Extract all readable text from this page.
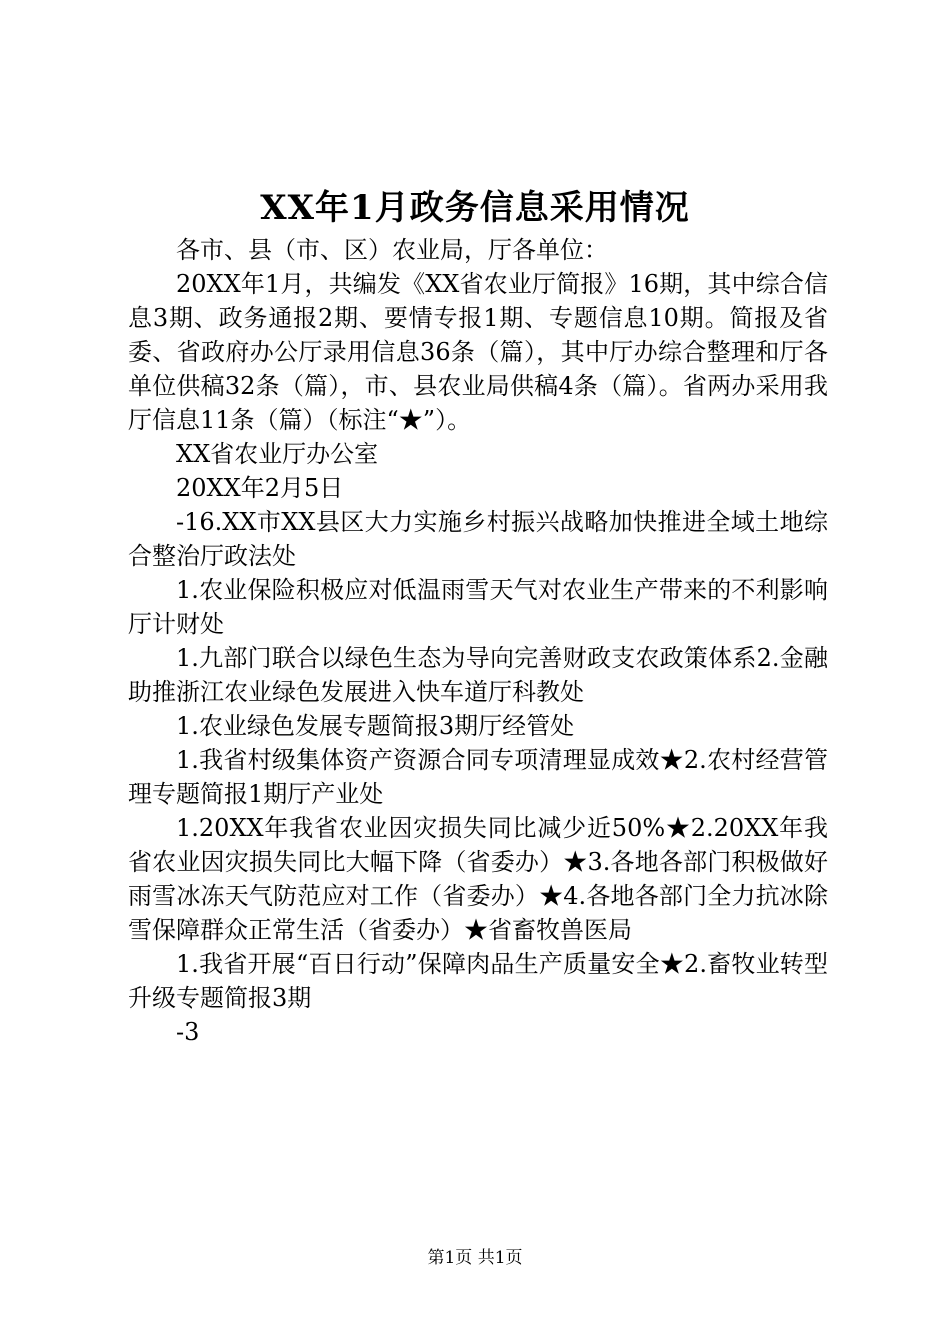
XX年1月政务信息采用情况

各市、县（市、区）农业局，厅各单位：

20XX年1月，共编发《XX省农业厅简报》16期，其中综合信息3期、政务通报2期、要情专报1期、专题信息10期。简报及省委、省政府办公厅录用信息36条（篇），其中厅办综合整理和厅各单位供稿32条（篇），市、县农业局供稿4条（篇）。省两办采用我厅信息11条（篇）（标注“★”）。

XX省农业厅办公室

20XX年2月5日

-16.XX市XX县区大力实施乡村振兴战略加快推进全域土地综合整治厅政法处

1.农业保险积极应对低温雨雪天气对农业生产带来的不利影响厅计财处

1.九部门联合以绿色生态为导向完善财政支农政策体系2.金融助推浙江农业绿色发展进入快车道厅科教处

1.农业绿色发展专题简报3期厅经管处

1.我省村级集体资产资源合同专项清理显成效★2.农村经营管理专题简报1期厅产业处

1.20XX年我省农业因灾损失同比减少近50%★2.20XX年我省农业因灾损失同比大幅下降（省委办）★3.各地各部门积极做好雨雪冰冻天气防范应对工作（省委办）★4.各地各部门全力抗冰除雪保障群众正常生活（省委办）★省畜牧兽医局

1.我省开展“百日行动”保障肉品生产质量安全★2.畜牧业转型升级专题简报3期

-3

第1页 共1页
